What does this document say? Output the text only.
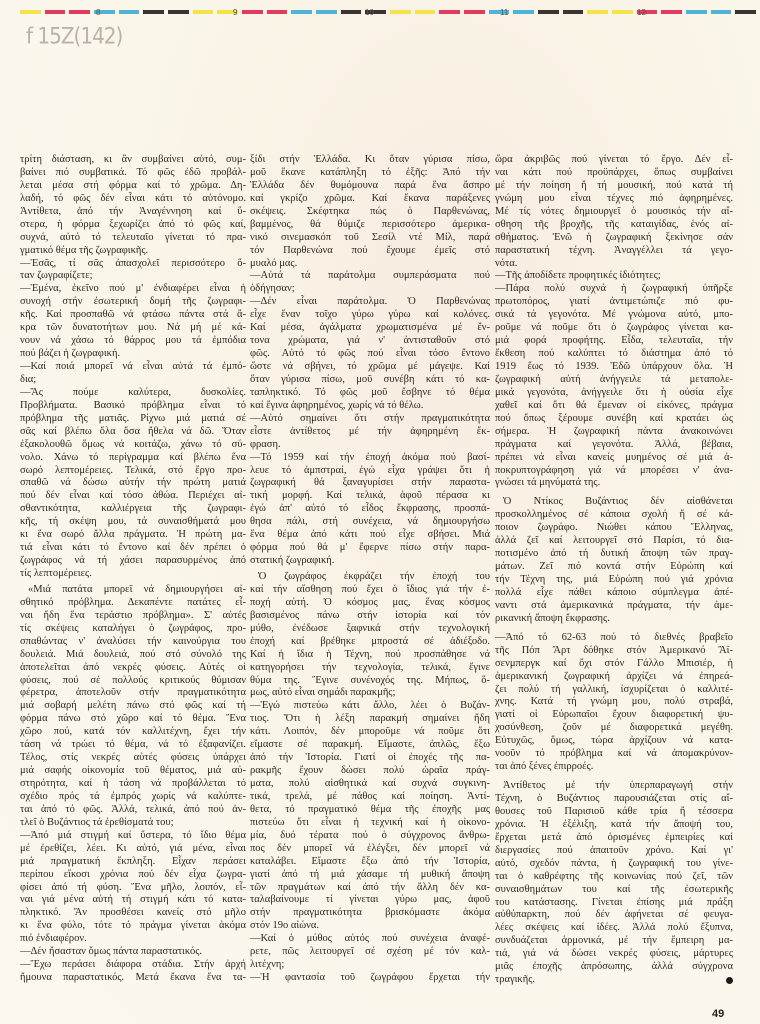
8	9	10	11	12
f 15Z(142)
τρίτη διάσταση, κι ἂν συμβαίνει αὐτό, συμ-
βαίνει πιό συμβατικά. Τό φῶς ἐδῶ προβάλ-
λεται μέσα στή φόρμα καί τό χρῶμα. Δη-
λαδή, τό φῶς δέν εἶναι κάτι τό αὐτόνομο.
Ἀντίθετα, ἀπό τήν Ἀναγέννηση καί ὕ-
στερα, ἡ φόρμα ξεχωρίζει ἀπό τό φῶς καί,
συχνά, αὐτό τό τελευταῖο γίνεται τό πρα-
γματικό θέμα τῆς ζωγραφικῆς.
—Ἐσᾶς, τί σᾶς ἀπασχολεῖ περισσότερο ὅ-
ταν ζωγραφίζετε;
—Ἐμένα, ἐκεῖνο πού μ' ἐνδιαφέρει εἶναι ἡ
συνοχή στήν ἐσωτερική δομή τῆς ζωγραφι-
κῆς. Καί προσπαθῶ νά φτάσω πάντα στά ἄ-
κρα τῶν δυνατοτήτων μου. Νά μή μέ κά-
νουν νά χάσω τό θάρρος μου τά ἐμπόδια
πού βάζει ἡ ζωγραφική.
—Καί ποιά μπορεῖ νά εἶναι αὐτά τά ἐμπό-
δια;
—Ἄς πούμε καλύτερα, δυσκολίες.
Προβλήματα. Βασικό πρόβλημα εἶναι τό
πρόβλημα τῆς ματιᾶς. Ρίχνω μιά ματιά σέ
σᾶς καί βλέπω ὅλα ὅσα ἤθελα νά δῶ. Ὅταν
ἐξακολουθῶ ὅμως νά κοιτάζω, χάνω τό σύ-
νολο. Χάνω τό περίγραμμα καί βλέπω ἕνα
σωρό λεπτομέρειες. Τελικά, στό ἔργο προ-
σπαθῶ νά δώσω αὐτήν τήν πρώτη ματιά
πού δέν εἶναι καί τόσο ἀθώα. Περιέχει αἰ-
σθαντικότητα, καλλιέργεια τῆς ζωγραφι-
κῆς, τή σκέψη μου, τά συναισθήματά μου
κι ἕνα σωρό ἄλλα πράγματα. Ἡ πρώτη μα-
τιά εἶναι κάτι τό ἔντονο καί δέν πρέπει ὁ
ζωγράφος νά τή χάσει παρασυρμένος ἀπό
τίς λεπτομέρειες.
«Μιά πατάτα μπορεῖ νά δημιουργήσει αἰ-
σθητικό πρόβλημα. Δεκαπέντε πατάτες εἶ-
ναι ἤδη ἕνα τεράστιο πρόβλημα». Σ' αὐτές
τίς σκέψεις καταλήγει ὁ ζωγράφος, προ-
σπαθώντας ν' ἀναλύσει τήν καινούργια του
δουλειά. Μιά δουλειά, πού στό σύνολό της
ἀποτελεῖται ἀπό νεκρές φύσεις. Αὐτές οἱ
φύσεις, πού σέ πολλούς κριτικούς θύμισαν
φέρετρα, ἀποτελοῦν στήν πραγματικότητα
μιά σοβαρή μελέτη πάνω στό φῶς καί τή
φόρμα πάνω στό χῶρο καί τό θέμα. Ἕνα
χῶρο πού, κατά τόν καλλιτέχνη, ἔχει τήν
τάση νά τρώει τό θέμα, νά τό ἐξαφανίζει.
Τέλος, στίς νεκρές αὐτές φύσεις ὑπάρχει
μιά σαφής οἰκονομία τοῦ θέματος, μιά αὐ-
στηρότητα, καί ἡ τάση νά προβάλλεται τό
σχέδιο πρός τά ἐμπρός χωρίς νά καλύπτε-
ται ἀπό τό φῶς. Ἀλλά, τελικά, ἀπό πού ἀν-
τλεῖ ὁ Βυζάντιος τά ἐρεθίσματά του;
—Ἀπό μιά στιγμή καί ὕστερα, τό ἴδιο θέμα
μέ ἐρεθίζει, λέει. Κι αὐτό, γιά μένα, εἶναι
μιά πραγματική ἔκπληξη. Εἶχαν περάσει
περίπου εἴκοσι χρόνια πού δέν εἶχα ζωγρα-
φίσει ἀπό τή φύση. Ἕνα μῆλο, λοιπόν, εἶ-
ναι γιά μένα αὐτή τή στιγμή κάτι τό κατα-
πληκτικό. Ἄν προσθέσει κανείς στό μῆλο
κι ἕνα φύλο, τότε τό πράγμα γίνεται ἀκόμα
πιό ἐνδιαφέρον.
—Δέν ἤσασταν ὅμως πάντα παραστατικός.
—Ἔχω περάσει διάφορα στάδια. Στήν ἀρχή
ἤμουνα παραστατικός. Μετά ἔκανα ἕνα τα-
ξίδι στήν Ἑλλάδα. Κι ὅταν γύρισα πίσω,
μοῦ ἔκανε κατάπληξη τό ἑξῆς: Ἀπό τήν
Ἑλλάδα δέν θυμόμουνα παρά ἕνα ἄσπρο
καί γκρίζο χρῶμα. Καί ἔκανα παράξενες
σκέψεις. Σκέφτηκα πώς ὁ Παρθενώνας,
βαμμένος, θά θύμιζε περισσότερο ἀμερικα-
νικό σινεμασκόπ τοῦ Σεσίλ ντέ Μίλ, παρά
τόν Παρθενώνα πού ἔχουμε ἐμεῖς στό
μυαλό μας.
—Αὐτά τά παράτολμα συμπεράσματα πού
ὁδήγησαν;
—Δέν εἶναι παράτολμα. Ὁ Παρθενώνας
εἶχε ἕναν τοῖχο γύρω γύρω καί κολόνες.
Καί μέσα, ἀγάλματα χρωματισμένα μέ ἔν-
τονα χρώματα, γιά ν' ἀντισταθοῦν στό
φῶς. Αὐτό τό φῶς πού εἶναι τόσο ἔντονο
ὥστε νά σβήνει, τό χρῶμα μέ μάγεψε. Καί
ὅταν γύρισα πίσω, μοῦ συνέβη κάτι τό κα-
ταπληκτικό. Τό φῶς μοῦ ἔσβηνε τό θέμα
καί ἔγινα ἀφηρημένος, χωρίς νά τό θέλω.
—Αὐτό σημαίνει ὅτι στήν πραγματικότητα
εἶστε ἀντίθετος μέ τήν ἀφηρημένη ἔκ-
φραση.
—Τό 1959 καί τήν ἐποχή ἀκόμα πού βασί-
λευε τό ἀμπστραί, ἐγώ εἶχα γράψει ὅτι ἡ
ζωγραφική θά ξαναγυρίσει στήν παραστα-
τική μορφή. Καί τελικά, ἀφοῦ πέρασα κι
ἐγώ ἀπ' αὐτό τό εἶδος ἔκφρασης, προσπά-
θησα πάλι, στή συνέχεια, νά δημιουργήσω
ἕνα θέμα ἀπό κάτι πού εἶχε σβήσει. Μιά
φόρμα πού θά μ' ἔφερνε πίσω στήν παρα-
στατική ζωγραφική.
Ὁ ζωγράφος ἐκφράζει τήν ἐποχή του
καί τήν αἴσθηση πού ἔχει ὁ ἴδιος γιά τήν ἐ-
ποχή αὐτή. Ὁ κόσμος μας, ἕνας κόσμος
βασισμένος πάνω στήν ἱστορία καί τόν
μύθο, ἐνέδωσε ξαφνικά στήν τεχνολογική
ἐποχή καί βρέθηκε μπροστά σέ ἀδιέξοδο.
Καί ἡ ἴδια ἡ Τέχνη, πού προσπάθησε νά
κατηγορήσει τήν τεχνολογία, τελικά, ἔγινε
θύμα της. Ἔγινε συνένοχός της. Μήπως, ὅ-
μως, αὐτό εἶναι σημάδι παρακμῆς;
—Ἐγώ πιστεύω κάτι ἄλλο, λέει ὁ Βυζάν-
τιος. Ὅτι ἡ λέξη παρακμή σημαίνει ἤδη
κάτι. Λοιπόν, δέν μποροῦμε νά ποῦμε ὅτι
εἴμαστε σέ παρακμή. Εἴμαστε, ἁπλῶς, ἔξω
ἀπό τήν Ἱστορία. Γιατί οἱ ἐποχές τῆς πα-
ρακμῆς ἔχουν δώσει πολύ ὡραῖα πράγ-
ματα, πολύ αἰσθητικά καί συχνά συγκινη-
τικά, τρελά, μέ πάθος καί ποίηση. Ἀντί-
θετα, τό πραγματικό θέμα τῆς ἐποχῆς μας
πιστεύω ὅτι εἶναι ἡ τεχνική καί ἡ οἰκονο-
μία, δυό τέρατα πού ὁ σύγχρονος ἄνθρω-
πος δέν μπορεῖ νά ἐλέγξει, δέν μπορεῖ νά
καταλάβει. Εἴμαστε ἔξω ἀπό τήν Ἱστορία,
γιατί ἀπό τή μιά χάσαμε τή μυθική ἄποψη
τῶν πραγμάτων καί ἀπό τήν ἄλλη δέν κα-
ταλαβαίνουμε τί γίνεται γύρω μας, ἀφοῦ
στήν πραγματικότητα βρισκόμαστε ἀκόμα
στόν 19ο αἰώνα.
—Καί ὁ μύθος αὐτός πού συνέχεια ἀναφέ-
ρετε, πῶς λειτουργεῖ σέ σχέση μέ τόν καλ-
λιτέχνη;
—Ἡ φαντασία τοῦ ζωγράφου ἔρχεται τήν
ὥρα ἀκριβῶς πού γίνεται τό ἔργο. Δέν εἶ-
ναι κάτι πού προϋπάρχει, ὅπως συμβαίνει
μέ τήν ποίηση ἤ τή μουσική, πού κατά τή
γνώμη μου εἶναι τέχνες πιό ἀφηρημένες.
Μέ τίς νότες δημιουργεῖ ὁ μουσικός τήν αἴ-
σθηση τῆς βροχῆς, τῆς καταιγίδας, ἑνός αἰ-
σθήματος. Ἐνῶ ἡ ζωγραφική ξεκίνησε σάν
παραστατική τέχνη. Ἀναγγέλλει τά γεγο-
νότα.
—Τῆς ἀποδίδετε προφητικές ἰδιότητες;
—Πάρα πολύ συχνά ἡ ζωγραφική ὑπῆρξε
πρωτοπόρος, γιατί ἀντιμετώπιζε πιό φυ-
σικά τά γεγονότα. Μέ γνώμονα αὐτό, μπο-
ροῦμε νά ποῦμε ὅτι ὁ ζωγράφος γίνεται κα-
μιά φορά προφήτης. Εἶδα, τελευταῖα, τήν
ἔκθεση πού καλύπτει τό διάστημα ἀπό τό
1919 ἕως τό 1939. Ἐδῶ ὑπάρχουν ὅλα. Ἡ
ζωγραφική αὐτή ἀνήγγειλε τά μεταπολε-
μικά γεγονότα, ἀνήγγειλε ὅτι ἡ οὐσία εἶχε
χαθεῖ καί ὅτι θά ἔμεναν οἱ εἰκόνες, πράγμα
πού ὅπως ξέρουμε συνέβη καί κρατάει ὡς
σήμερα. Ἡ ζωγραφική πάντα ἀνακοινώνει
πράγματα καί γεγονότα. Ἀλλά, βέβαια,
πρέπει νά εἶναι κανείς μυημένος σέ μιά ἀ-
ποκρυπτογράφηση γιά νά μπορέσει ν' ἀνα-
γνώσει τά μηνύματά της.
Ὁ Ντίκος Βυζάντιος δέν αἰσθάνεται
προσκολλημένος σέ κάποια σχολή ἤ σέ κά-
ποιον ζωγράφο. Νιώθει κάπου Ἕλληνας,
ἀλλά ζεῖ καί λειτουργεῖ στό Παρίσι, τό δια-
ποτισμένο ἀπό τή δυτική ἄποψη τῶν πραγ-
μάτων. Ζεῖ πιό κοντά στήν Εὐρώπη καί
τήν Τέχνη της, μιά Εὐρώπη πού γιά χρόνια
πολλά εἶχε πάθει κάποιο σύμπλεγμα ἀπέ-
ναντι στά ἀμερικανικά πράγματα, τήν ἀμε-
ρικανική ἄποψη ἔκφρασης.
—Ἀπό τό 62-63 πού τό διεθνές βραβεῖο
τῆς Πόπ Ἄρτ δόθηκε στόν Ἀμερικανό Ἄϊ-
σενμπεργκ καί ὄχι στόν Γάλλο Μπισιέρ, ἡ
ἀμερικανική ζωγραφική ἀρχίζει νά ἐπηρεά-
ζει πολύ τή γαλλική, ἰσχυρίζεται ὁ καλλιτέ-
χνης. Κατά τή γνώμη μου, πολύ στραβά,
γιατί οἱ Εὐρωπαῖοι ἔχουν διαφορετική ψυ-
χοσύνθεση, ζοῦν μέ διαφορετικά μεγέθη.
Εὐτυχῶς, ὅμως, τώρα ἀρχίζουν νά κατα-
νοοῦν τό πρόβλημα καί νά ἀπομακρύνον-
ται ἀπό ξένες ἐπιρροές.
Ἀντίθετος μέ τήν ὑπερπαραγωγή στήν
Τέχνη, ὁ Βυζάντιος παρουσιάζεται στίς αἴ-
θουσες τοῦ Παρισιοῦ κάθε τρία ἤ τέσσερα
χρόνια. Ἡ ἐξέλιξη, κατά τήν ἄποψή του,
ἔρχεται μετά ἀπό ὁρισμένες ἐμπειρίες καί
διεργασίες πού ἀπαιτοῦν χρόνο. Καί γι'
αὐτό, σχεδόν πάντα, ἡ ζωγραφική του γίνε-
ται ὁ καθρέφτης τῆς κοινωνίας πού ζεῖ, τῶν
συναισθημάτων του καί τῆς ἐσωτερικῆς
του κατάστασης. Γίνεται ἐπίσης μιά πράξη
αὐθύπαρκτη, πού δέν ἀφήνεται σέ φευγα-
λέες σκέψεις καί ἰδέες. Ἀλλά πολύ ἔξυπνα,
συνδυάζεται ἁρμονικά, μέ τήν ἔμπειρη μα-
τιά, γιά νά δώσει νεκρές φύσεις, μάρτυρες
μιᾶς ἐποχῆς ἀπρόσωπης, ἀλλά σύγχρονα
τραγικῆς.
49
